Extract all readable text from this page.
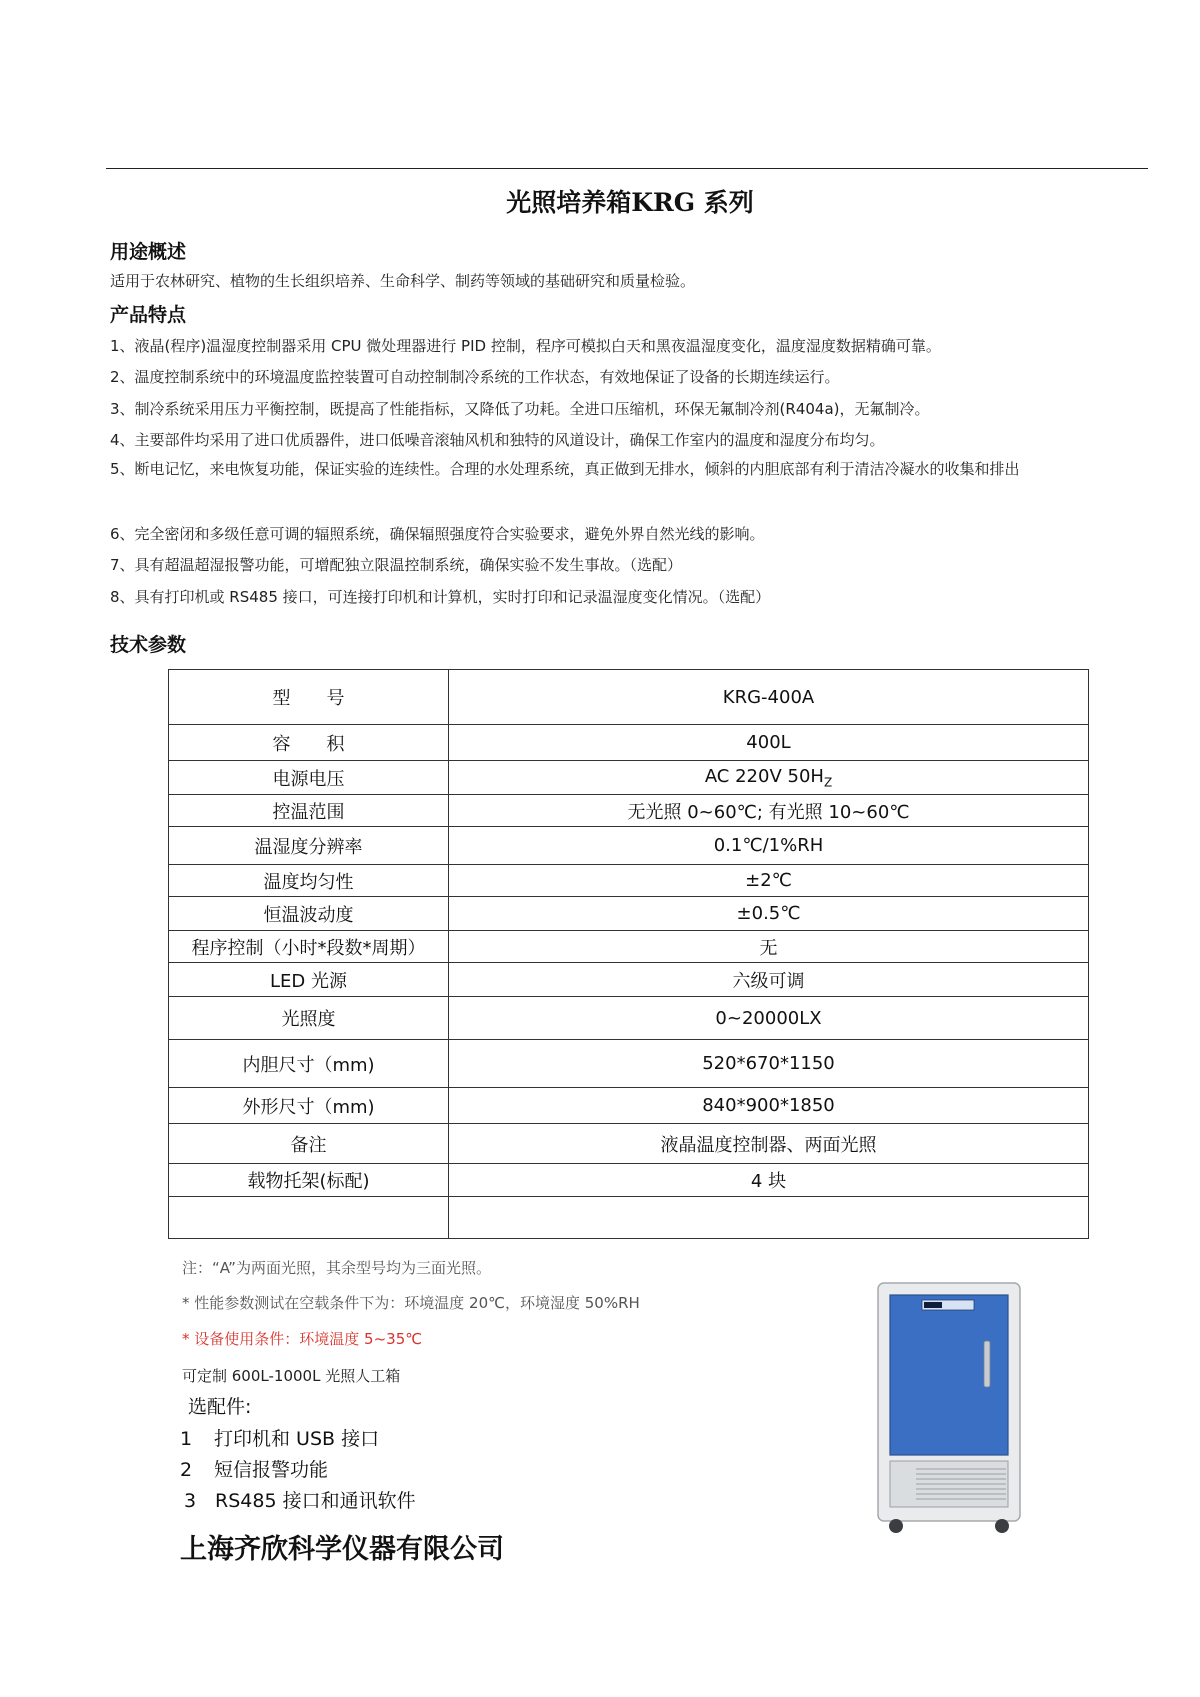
光照培养箱KRG 系列
用途概述
适用于农林研究、植物的生长组织培养、生命科学、制药等领域的基础研究和质量检验。
产品特点
1、液晶(程序)温湿度控制器采用 CPU 微处理器进行 PID 控制，程序可模拟白天和黑夜温湿度变化，温度湿度数据精确可靠。
2、温度控制系统中的环境温度监控装置可自动控制制冷系统的工作状态，有效地保证了设备的长期连续运行。
3、制冷系统采用压力平衡控制，既提高了性能指标，又降低了功耗。全进口压缩机，环保无氟制冷剂(R404a)，无氟制冷。
4、主要部件均采用了进口优质器件，进口低噪音滚轴风机和独特的风道设计，确保工作室内的温度和湿度分布均匀。
5、断电记忆，来电恢复功能，保证实验的连续性。合理的水处理系统，真正做到无排水，倾斜的内胆底部有利于清洁冷凝水的收集和排出
6、完全密闭和多级任意可调的辐照系统，确保辐照强度符合实验要求，避免外界自然光线的影响。
7、具有超温超湿报警功能，可增配独立限温控制系统，确保实验不发生事故。（选配）
8、具有打印机或 RS485 接口，可连接打印机和计算机，实时打印和记录温湿度变化情况。（选配）
技术参数
型　　号	KRG-400A
容　　积	400L
电源电压	AC 220V $50H_Z$
控温范围	无光照 0~60℃; 有光照 10~60℃
温湿度分辨率	0.1℃/1%RH
温度均匀性	±2℃
恒温波动度	±0.5℃
程序控制（小时*段数*周期）	无
LED 光源	六级可调
光照度	0~20000LX
内胆尺寸（mm)	520*670*1150
外形尺寸（mm)	840*900*1850
备注	液晶温度控制器、两面光照
载物托架(标配)	4 块

注：“A”为两面光照，其余型号均为三面光照。
* 性能参数测试在空载条件下为：环境温度 20℃，环境湿度 50%RH
* 设备使用条件：环境温度 5~35℃
可定制 600L-1000L 光照人工箱
选配件:
1 打印机和 USB 接口
2 短信报警功能
3 RS485 接口和通讯软件
上海齐欣科学仪器有限公司
